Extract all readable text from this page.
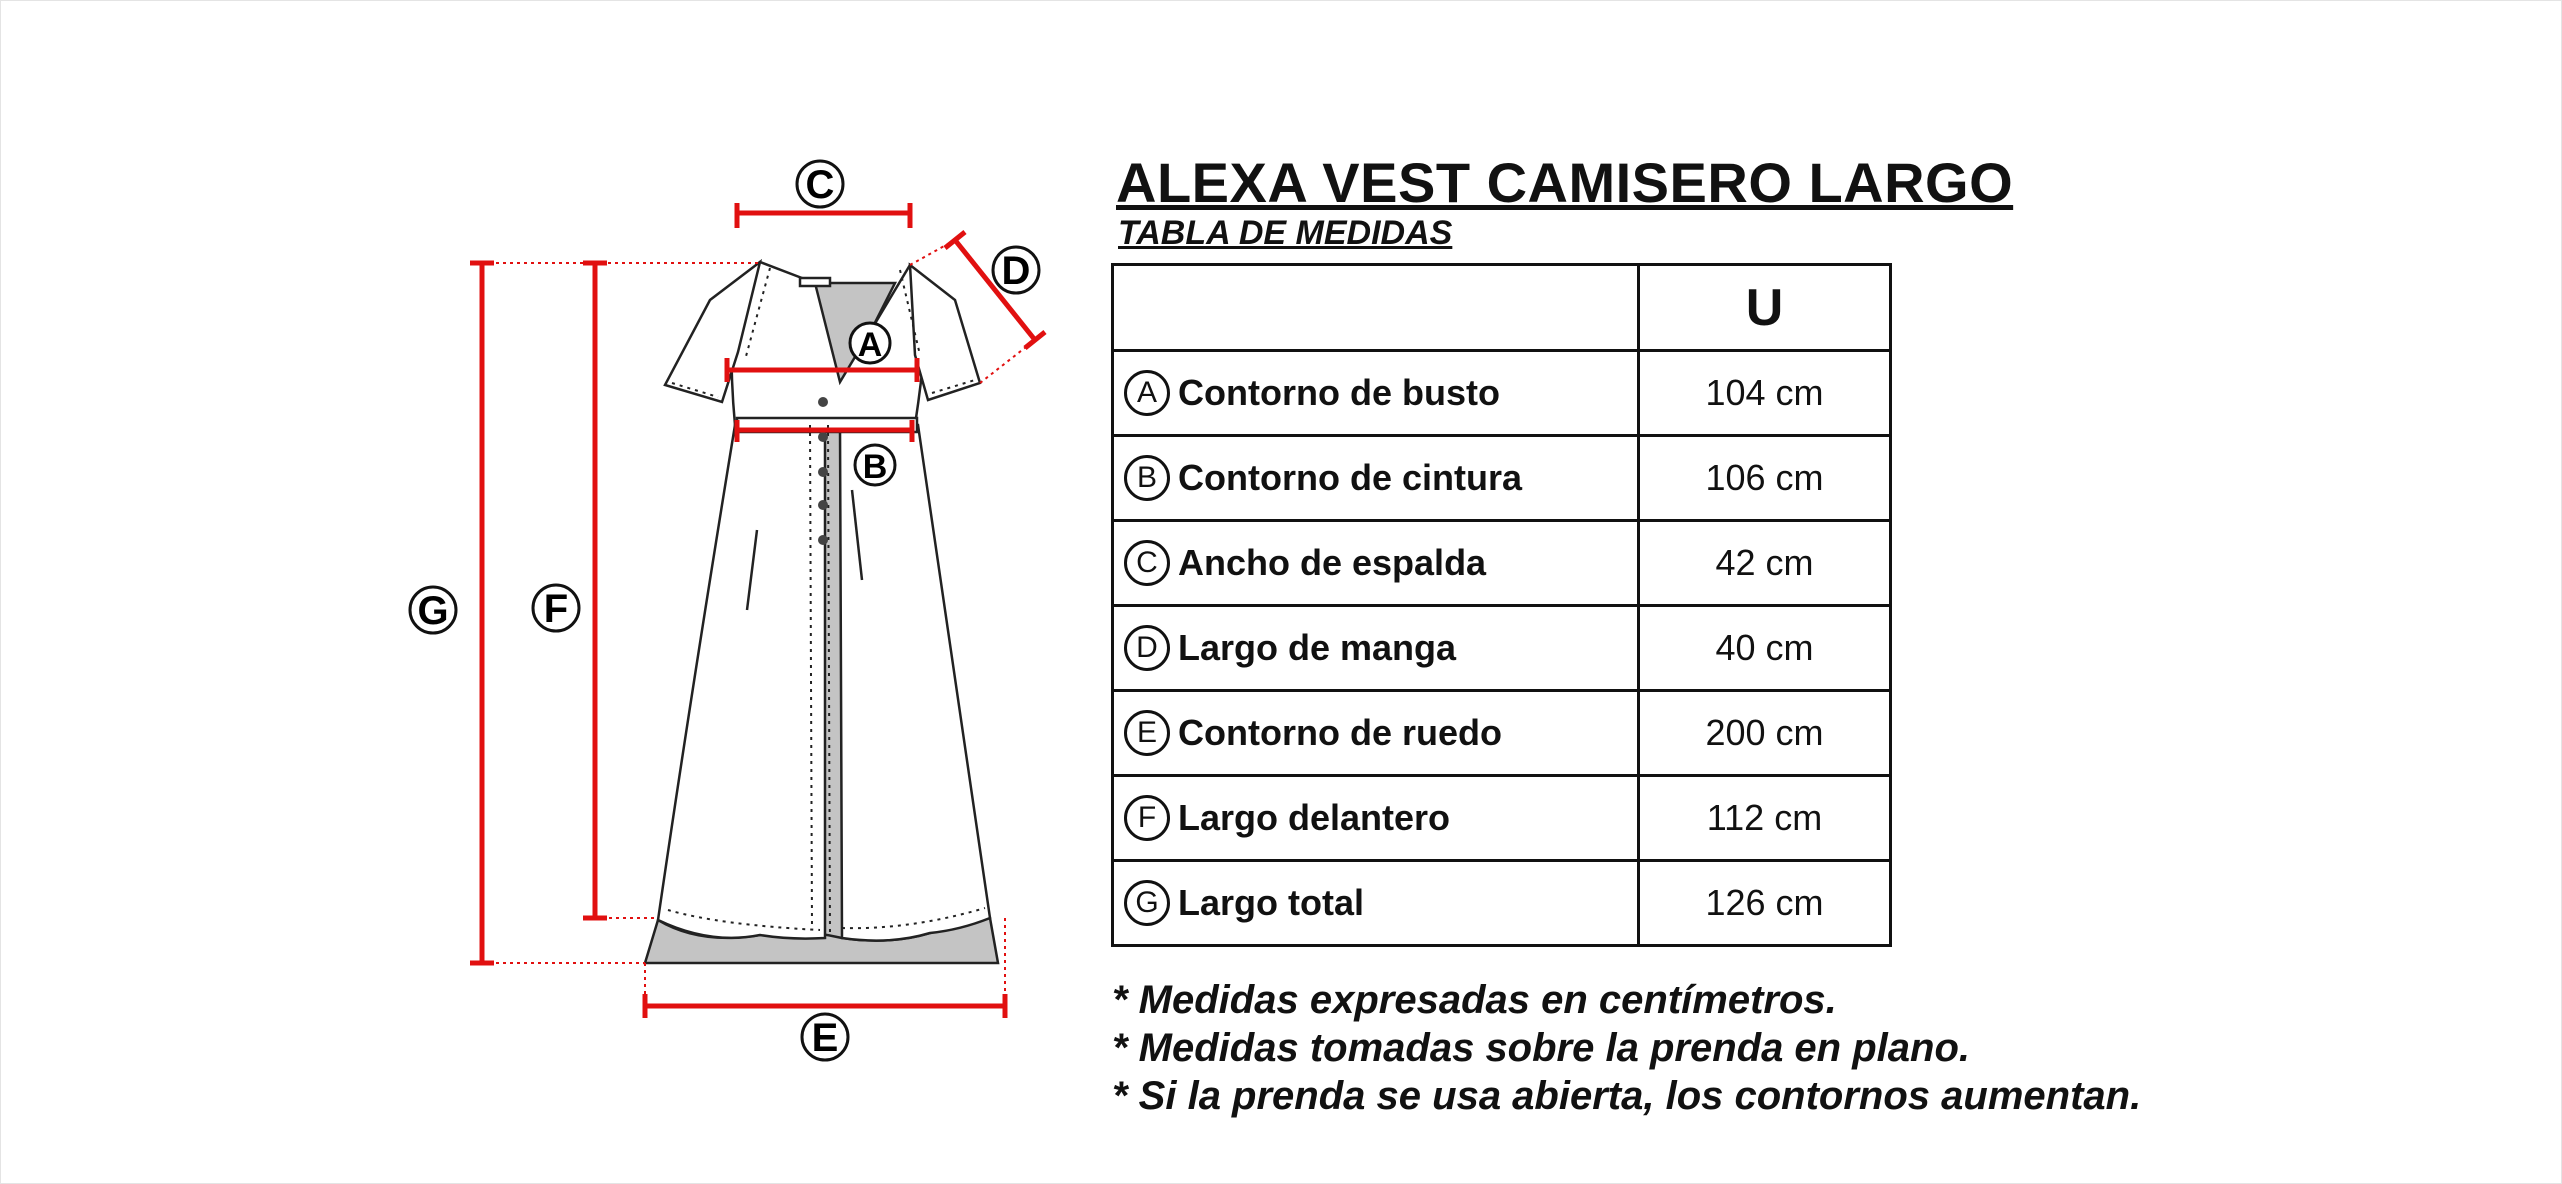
C
D
A
B
G F
E
ALEXA VEST CAMISERO LARGO
TABLA DE MEDIDAS
	U

A Contorno de busto	104 cm

B Contorno de cintura	106 cm

C Ancho de espalda	42 cm

D Largo de manga	40 cm

E Contorno de ruedo	200 cm

F Largo delantero	112 cm

G Largo total	126 cm
* Medidas expresadas en centímetros.
* Medidas tomadas sobre la prenda en plano.
* Si la prenda se usa abierta, los contornos aumentan.
